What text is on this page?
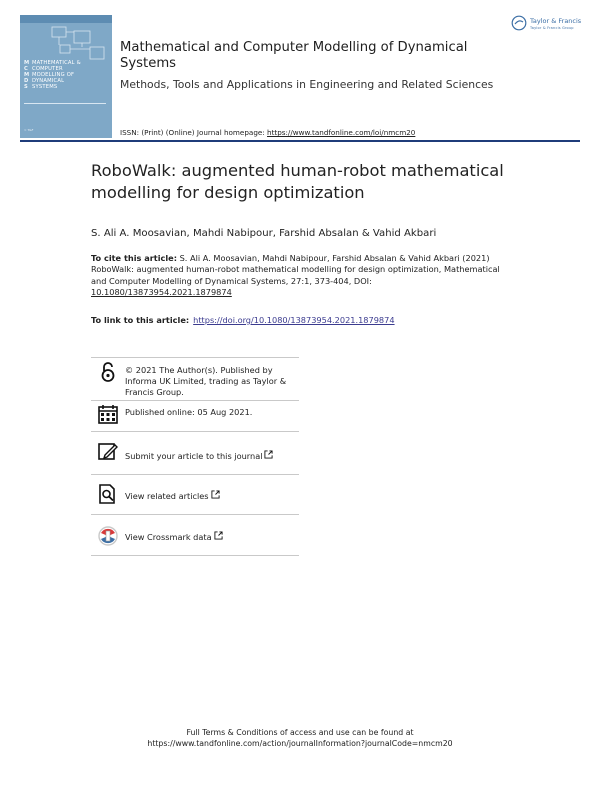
M
C
M
D
S
MATHEMATICAL &
COMPUTER
MODELLING OF
DYNAMICAL
SYSTEMS
≈ T&F
Taylor & Francis
Taylor & Francis Group
Mathematical and Computer Modelling of Dynamical Systems
Methods, Tools and Applications in Engineering and Related Sciences
ISSN: (Print) (Online) Journal homepage: https://www.tandfonline.com/loi/nmcm20
RoboWalk: augmented human-robot mathematical modelling for design optimization
S. Ali A. Moosavian, Mahdi Nabipour, Farshid Absalan & Vahid Akbari
To cite this article: S. Ali A. Moosavian, Mahdi Nabipour, Farshid Absalan & Vahid Akbari (2021) RoboWalk: augmented human-robot mathematical modelling for design optimization, Mathematical and Computer Modelling of Dynamical Systems, 27:1, 373-404, DOI: 10.1080/13873954.2021.1879874
To link to this article: https://doi.org/10.1080/13873954.2021.1879874
© 2021 The Author(s). Published by Informa UK Limited, trading as Taylor & Francis Group.
Published online: 05 Aug 2021.
Submit your article to this journal
View related articles
View Crossmark data
Full Terms & Conditions of access and use can be found at
https://www.tandfonline.com/action/journalInformation?journalCode=nmcm20
